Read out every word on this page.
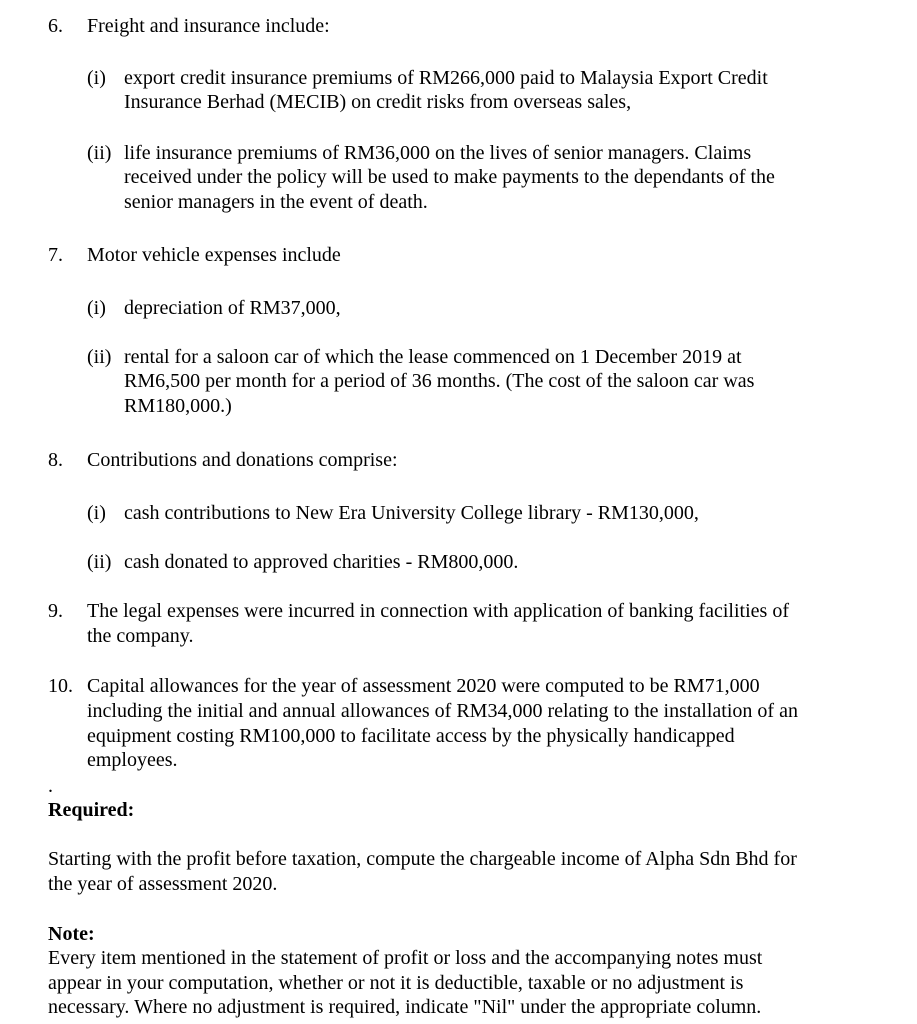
6. Freight and insurance include:
(i) export credit insurance premiums of RM266,000 paid to Malaysia Export Credit
Insurance Berhad (MECIB) on credit risks from overseas sales,
(ii) life insurance premiums of RM36,000 on the lives of senior managers. Claims
received under the policy will be used to make payments to the dependants of the
senior managers in the event of death.
7. Motor vehicle expenses include
(i) depreciation of RM37,000,
(ii) rental for a saloon car of which the lease commenced on 1 December 2019 at
RM6,500 per month for a period of 36 months. (The cost of the saloon car was
RM180,000.)
8. Contributions and donations comprise:
(i) cash contributions to New Era University College library - RM130,000,
(ii) cash donated to approved charities - RM800,000.
9. The legal expenses were incurred in connection with application of banking facilities of
the company.
10. Capital allowances for the year of assessment 2020 were computed to be RM71,000
including the initial and annual allowances of RM34,000 relating to the installation of an
equipment costing RM100,000 to facilitate access by the physically handicapped
employees.
.
Required:
Starting with the profit before taxation, compute the chargeable income of Alpha Sdn Bhd for
the year of assessment 2020.
Note:
Every item mentioned in the statement of profit or loss and the accompanying notes must
appear in your computation, whether or not it is deductible, taxable or no adjustment is
necessary. Where no adjustment is required, indicate "Nil" under the appropriate column.
